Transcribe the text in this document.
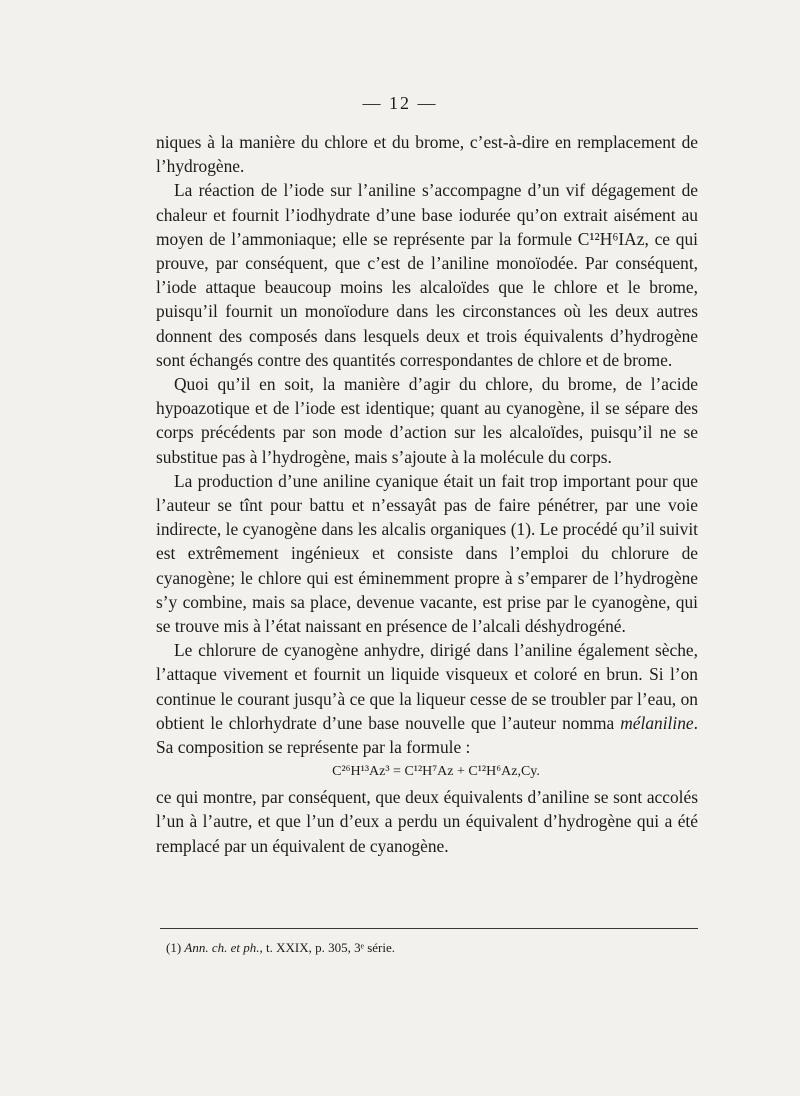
— 12 —

niques à la manière du chlore et du brome, c’est-à-dire en remplacement de l’hydrogène.

La réaction de l’iode sur l’aniline s’accompagne d’un vif dégagement de chaleur et fournit l’iodhydrate d’une base iodurée qu’on extrait aisément au moyen de l’ammoniaque; elle se représente par la formule C¹²H⁶IAz, ce qui prouve, par conséquent, que c’est de l’aniline monoïodée. Par conséquent, l’iode attaque beaucoup moins les alcaloïdes que le chlore et le brome, puisqu’il fournit un monoïodure dans les circonstances où les deux autres donnent des composés dans lesquels deux et trois équivalents d’hydrogène sont échangés contre des quantités correspondantes de chlore et de brome.

Quoi qu’il en soit, la manière d’agir du chlore, du brome, de l’acide hypoazotique et de l’iode est identique; quant au cyanogène, il se sépare des corps précédents par son mode d’action sur les alcaloïdes, puisqu’il ne se substitue pas à l’hydrogène, mais s’ajoute à la molécule du corps.

La production d’une aniline cyanique était un fait trop important pour que l’auteur se tînt pour battu et n’essayât pas de faire pénétrer, par une voie indirecte, le cyanogène dans les alcalis organiques (1). Le procédé qu’il suivit est extrêmement ingénieux et consiste dans l’emploi du chlorure de cyanogène; le chlore qui est éminemment propre à s’emparer de l’hydrogène s’y combine, mais sa place, devenue vacante, est prise par le cyanogène, qui se trouve mis à l’état naissant en présence de l’alcali déshydrogéné.

Le chlorure de cyanogène anhydre, dirigé dans l’aniline également sèche, l’attaque vivement et fournit un liquide visqueux et coloré en brun. Si l’on continue le courant jusqu’à ce que la liqueur cesse de se troubler par l’eau, on obtient le chlorhydrate d’une base nouvelle que l’auteur nomma mélaniline. Sa composition se représente par la formule :

C²⁶H¹³Az³ = C¹²H⁷Az + C¹²H⁶Az,Cy.

ce qui montre, par conséquent, que deux équivalents d’aniline se sont accolés l’un à l’autre, et que l’un d’eux a perdu un équivalent d’hydrogène qui a été remplacé par un équivalent de cyanogène.

(1) Ann. ch. et ph., t. XXIX, p. 305, 3ᵉ série.
